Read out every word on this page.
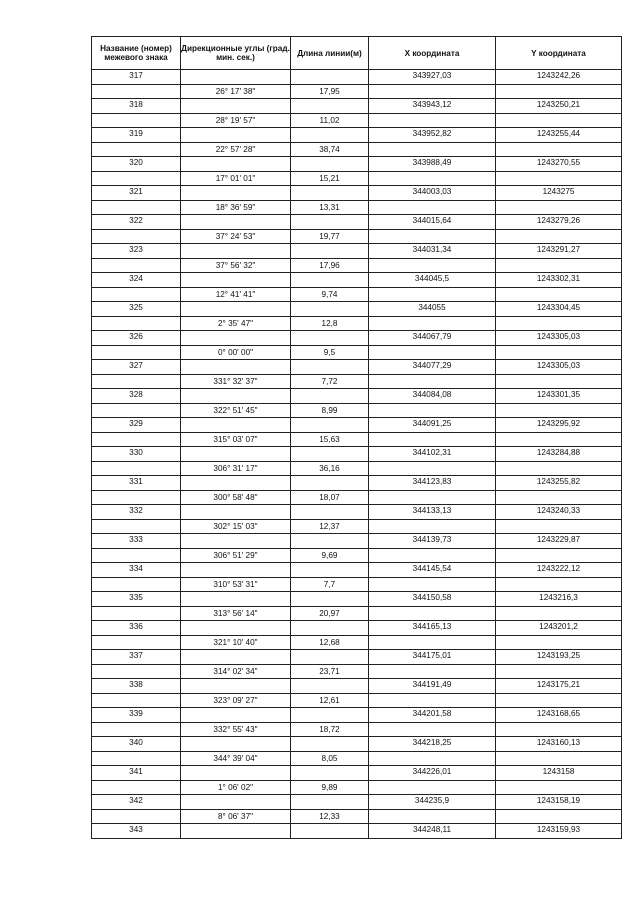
Название (номер) межевого знака	Дирекционные углы (град. мин. сек.)	Длина линии(м)	X координата	Y координата
317			343927,03	1243242,26
	26° 17' 38"	17,95		
318			343943,12	1243250,21
	28° 19' 57"	11,02		
319			343952,82	1243255,44
	22° 57' 28"	38,74		
320			343988,49	1243270,55
	17° 01' 01"	15,21		
321			344003,03	1243275
	18° 36' 59"	13,31		
322			344015,64	1243279,26
	37° 24' 53"	19,77		
323			344031,34	1243291,27
	37° 56' 32"	17,96		
324			344045,5	1243302,31
	12° 41' 41"	9,74		
325			344055	1243304,45
	2° 35' 47"	12,8		
326			344067,79	1243305,03
	0° 00' 00"	9,5		
327			344077,29	1243305,03
	331° 32' 37"	7,72		
328			344084,08	1243301,35
	322° 51' 45"	8,99		
329			344091,25	1243295,92
	315° 03' 07"	15,63		
330			344102,31	1243284,88
	306° 31' 17"	36,16		
331			344123,83	1243255,82
	300° 58' 48"	18,07		
332			344133,13	1243240,33
	302° 15' 03"	12,37		
333			344139,73	1243229,87
	306° 51' 29"	9,69		
334			344145,54	1243222,12
	310° 53' 31"	7,7		
335			344150,58	1243216,3
	313° 56' 14"	20,97		
336			344165,13	1243201,2
	321° 10' 40"	12,68		
337			344175,01	1243193,25
	314° 02' 34"	23,71		
338			344191,49	1243175,21
	323° 09' 27"	12,61		
339			344201,58	1243168,65
	332° 55' 43"	18,72		
340			344218,25	1243160,13
	344° 39' 04"	8,05		
341			344226,01	1243158
	1° 06' 02"	9,89		
342			344235,9	1243158,19
	8° 06' 37"	12,33		
343			344248,11	1243159,93
